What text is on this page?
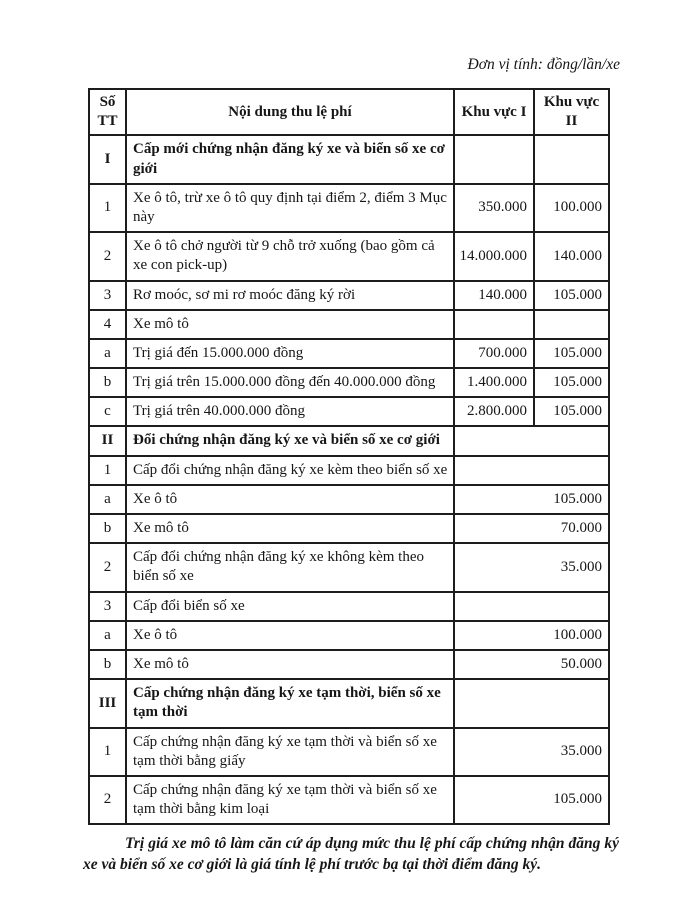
Đơn vị tính: đồng/lần/xe
Số TT	Nội dung thu lệ phí	Khu vực I	Khu vực II
I	Cấp mới chứng nhận đăng ký xe và biển số xe cơ giới		
1	Xe ô tô, trừ xe ô tô quy định tại điểm 2, điểm 3 Mục này	350.000	100.000
2	Xe ô tô chở người từ 9 chỗ trở xuống (bao gồm cả xe con pick-up)	14.000.000	140.000
3	Rơ moóc, sơ mi rơ moóc đăng ký rời	140.000	105.000
4	Xe mô tô		
a	Trị giá đến 15.000.000 đồng	700.000	105.000
b	Trị giá trên 15.000.000 đồng đến 40.000.000 đồng	1.400.000	105.000
c	Trị giá trên 40.000.000 đồng	2.800.000	105.000
II	Đổi chứng nhận đăng ký xe và biển số xe cơ giới		
1	Cấp đổi chứng nhận đăng ký xe kèm theo biển số xe		
a	Xe ô tô	105.000	
b	Xe mô tô	70.000	
2	Cấp đổi chứng nhận đăng ký xe không kèm theo biển số xe	35.000	
3	Cấp đổi biển số xe		
a	Xe ô tô	100.000	
b	Xe mô tô	50.000	
III	Cấp chứng nhận đăng ký xe tạm thời, biển số xe tạm thời		
1	Cấp chứng nhận đăng ký xe tạm thời và biển số xe tạm thời bằng giấy	35.000	
2	Cấp chứng nhận đăng ký xe tạm thời và biển số xe tạm thời bằng kim loại	105.000	

Trị giá xe mô tô làm căn cứ áp dụng mức thu lệ phí cấp chứng nhận đăng ký xe và biển số xe cơ giới là giá tính lệ phí trước bạ tại thời điểm đăng ký.
